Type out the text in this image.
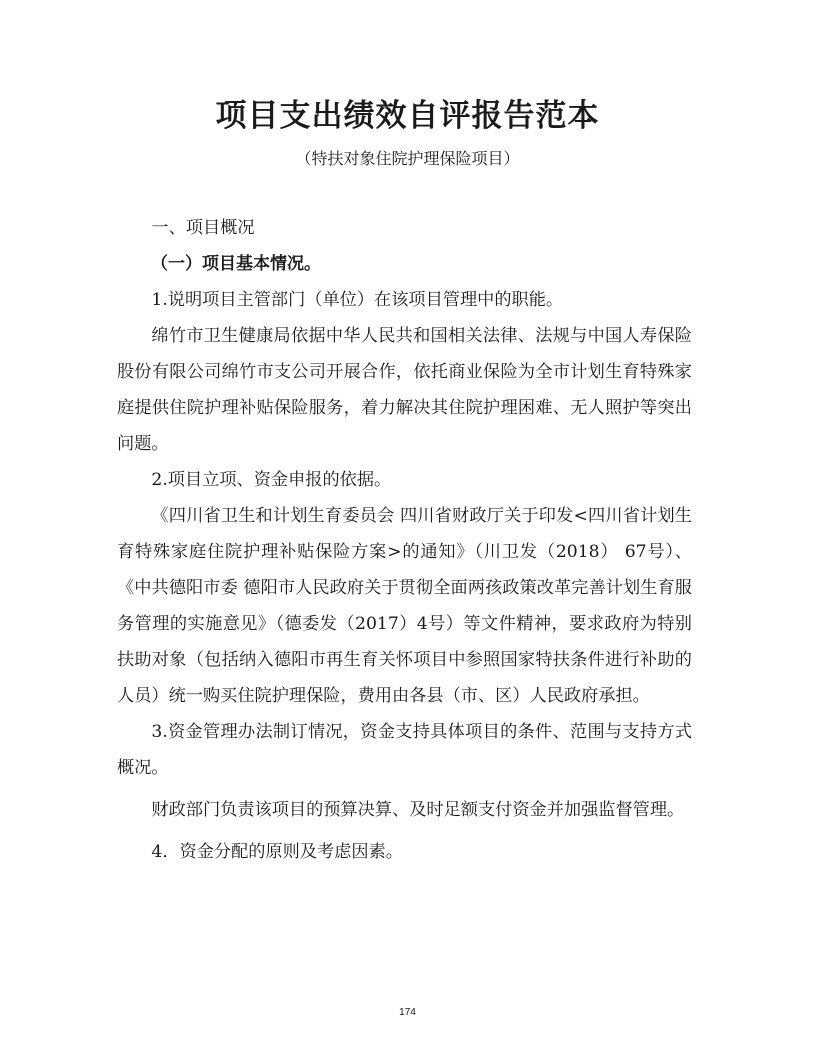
项目支出绩效自评报告范本
（特扶对象住院护理保险项目）

一、项目概况

（一）项目基本情况。

1.说明项目主管部门（单位）在该项目管理中的职能。

绵竹市卫生健康局依据中华人民共和国相关法律、法规与中国人寿保险股份有限公司绵竹市支公司开展合作，依托商业保险为全市计划生育特殊家庭提供住院护理补贴保险服务，着力解决其住院护理困难、无人照护等突出问题。

2.项目立项、资金申报的依据。

《四川省卫生和计划生育委员会 四川省财政厅关于印发<四川省计划生育特殊家庭住院护理补贴保险方案>的通知》（川卫发（2018） 67号）、《中共德阳市委 德阳市人民政府关于贯彻全面两孩政策改革完善计划生育服务管理的实施意见》（德委发（2017）4号）等文件精神，要求政府为特别扶助对象（包括纳入德阳市再生育关怀项目中参照国家特扶条件进行补助的人员）统一购买住院护理保险，费用由各县（市、区）人民政府承担。

3.资金管理办法制订情况，资金支持具体项目的条件、范围与支持方式概况。

财政部门负责该项目的预算决算、及时足额支付资金并加强监督管理。

4．资金分配的原则及考虑因素。

174
